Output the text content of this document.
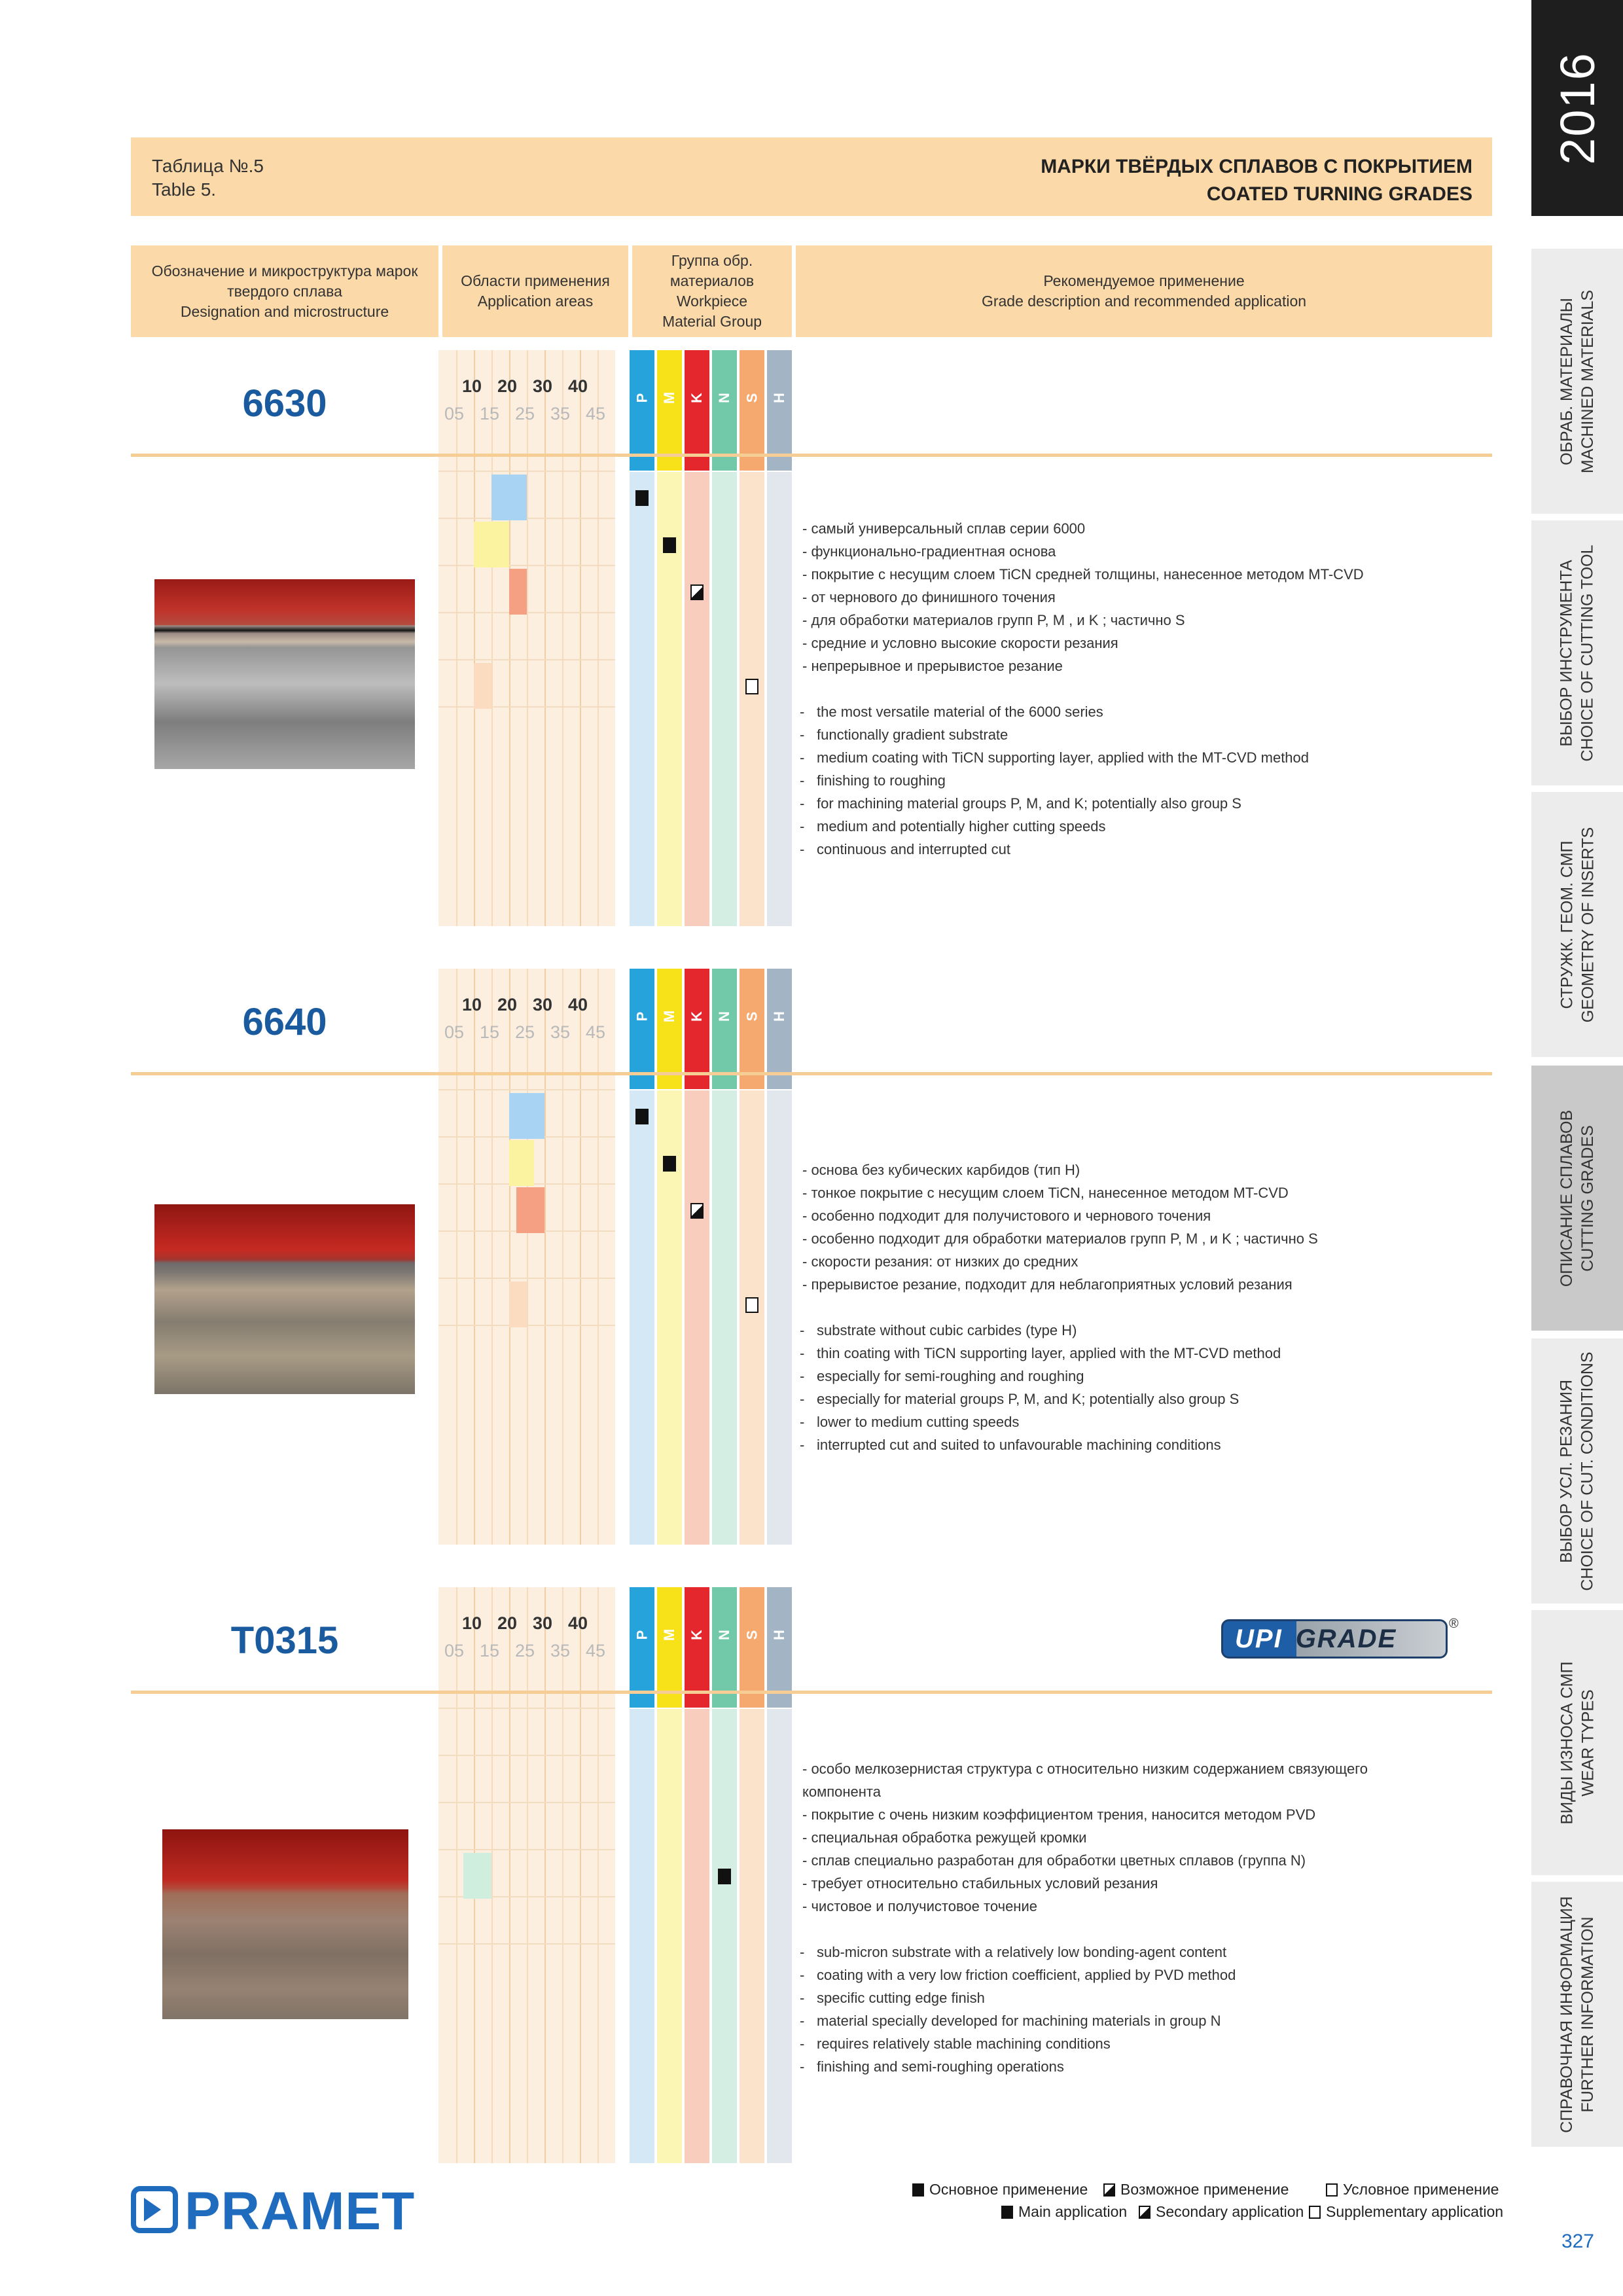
Таблица №.5
Table 5.
МАРКИ ТВЁРДЫХ СПЛАВОВ С ПОКРЫТИЕМ
COATED TURNING GRADES
Обозначение и микроструктура марок
твердого сплава
Designation and microstructure
Области применения
Application areas
Группа обр.
материалов
Workpiece
Material Group
Рекомендуемое применение
Grade description and recommended application
10 20 30 40
05 15 25 35 45
P M K N S H
6630
- самый универсальный сплав серии 6000
- функционально-градиентная основа
- покрытие с несущим слоем TiCN средней толщины, нанесенное методом MT-CVD
- от чернового до финишного точения
- для обработки материалов групп P, M , и K ; частично S
- средние и условно высокие скорости резания
- непрерывное и прерывистое резание
- the most versatile material of the 6000 series
- functionally gradient substrate
- medium coating with TiCN supporting layer, applied with the MT-CVD method
- finishing to roughing
- for machining material groups P, M, and K; potentially also group S
- medium and potentially higher cutting speeds
- continuous and interrupted cut
10 20 30 40
05 15 25 35 45
P M K N S H
6640
- основа без кубических карбидов (тип H)
- тонкое покрытие с несущим слоем TiCN, нанесенное методом MT-CVD
- особенно подходит для получистового и чернового точения
- особенно подходит для обработки материалов групп P, M , и K ; частично S
- скорости резания: от низких до средних
- прерывистое резание, подходит для неблагоприятных условий резания
- substrate without cubic carbides (type H)
- thin coating with TiCN supporting layer, applied with the MT-CVD method
- especially for semi-roughing and roughing
- especially for material groups P, M, and K; potentially also group S
- lower to medium cutting speeds
- interrupted cut and suited to unfavourable machining conditions
10 20 30 40
05 15 25 35 45
P M K N S H
T0315
- особо мелкозернистая структура с относительно низким содержанием связующего
компонента
- покрытие с очень низким коэффициентом трения, наносится методом PVD
- специальная обработка режущей кромки
- сплав специально разработан для обработки цветных сплавов (группа N)
- требует относительно стабильных условий резания
- чистовое и получистовое точение
- sub-micron substrate with a relatively low bonding-agent content
- coating with a very low friction coefficient, applied by PVD method
- specific cutting edge finish
- material specially developed for machining materials in group N
- requires relatively stable machining conditions
- finishing and semi-roughing operations
UPI GRADE
®
2016
ОБРАБ. МАТЕРИАЛЫ MACHINED MATERIALS
ВЫБОР ИНСТРУМЕНТА CHOICE OF CUTTING TOOL
СТРУЖК. ГЕОМ. СМП GEOMETRY OF INSERTS
ОПИСАНИЕ СПЛАВОВ CUTTING GRADES
ВЫБОР УСЛ. РЕЗАНИЯ CHOICE OF CUT. CONDITIONS
ВИДЫ ИЗНОСА СМП WEAR TYPES
СПРАВОЧНАЯ ИНФОРМАЦИЯ FURTHER INFORMATION
PRAMET	Основное применение Возможное применение	Условное применение
Main application Secondary application Supplementary application
327
